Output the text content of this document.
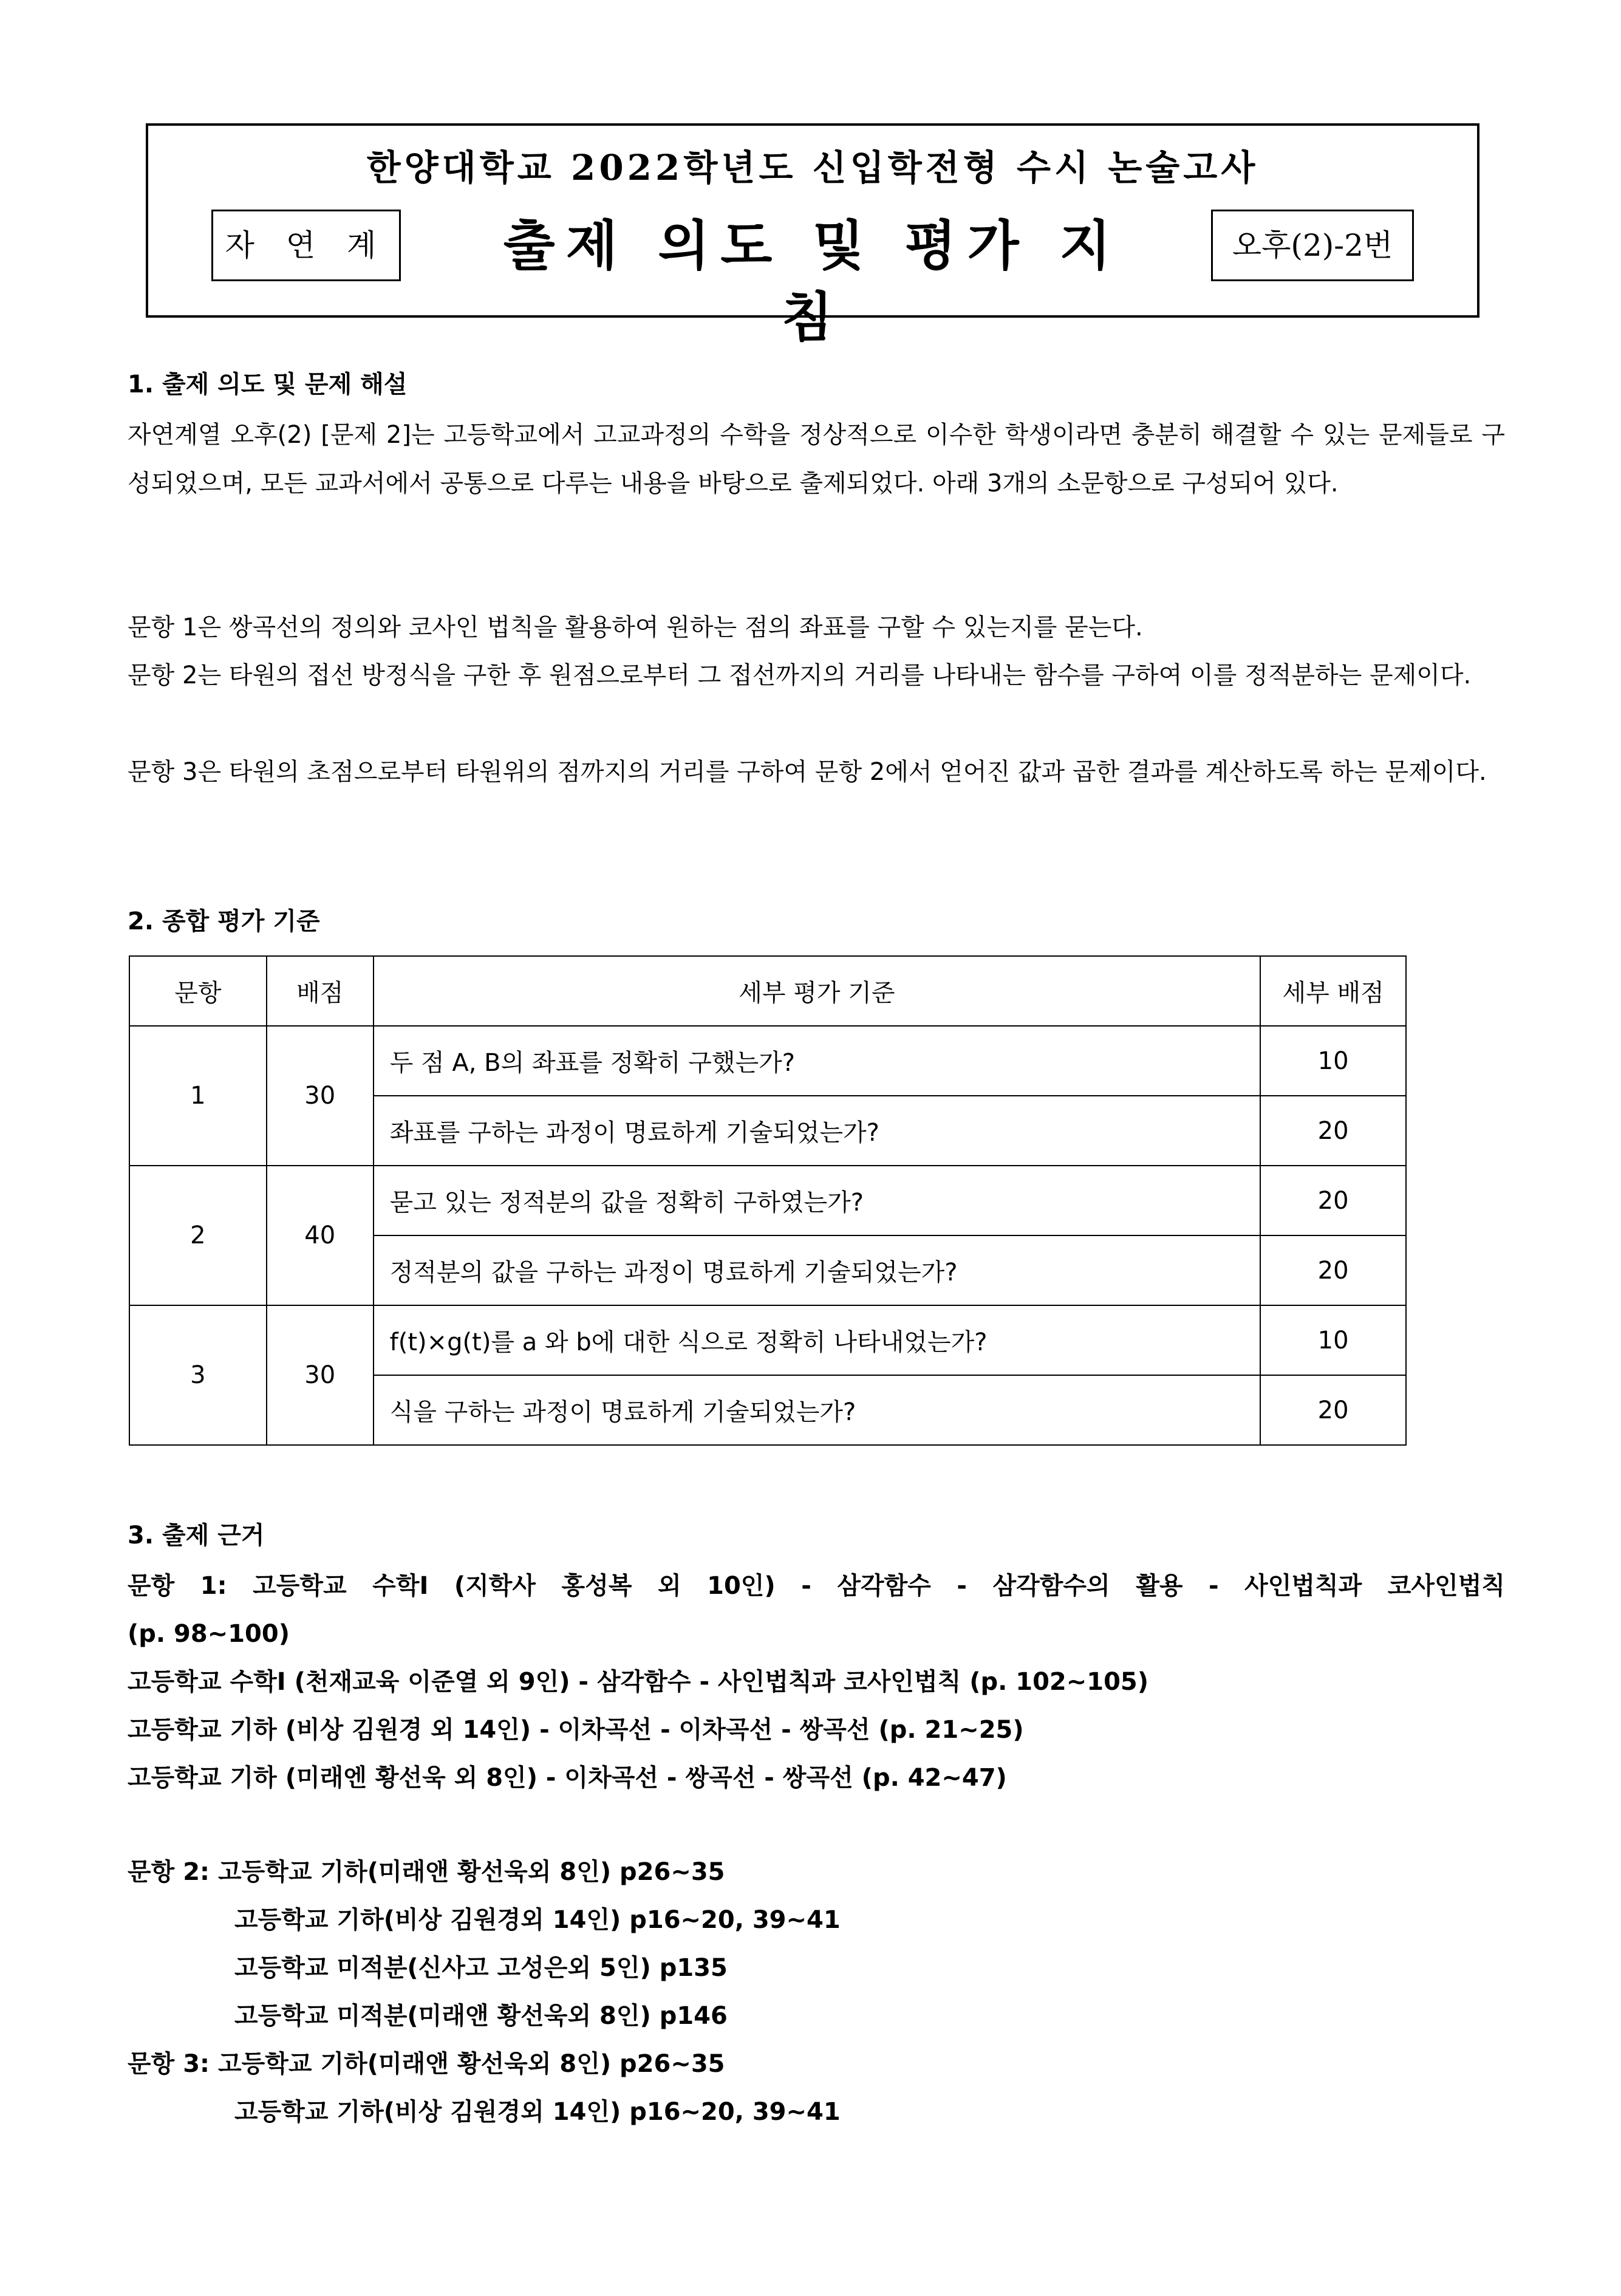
한양대학교 2022학년도 신입학전형 수시 논술고사
자 연 계 출제 의도 및 평가 지침
오후(2)-2번
1. 출제 의도 및 문제 해설

자연계열 오후(2) [문제 2]는 고등학교에서 고교과정의 수학을 정상적으로 이수한 학생이라면 충분히 해결할 수 있는 문제들로 구성되었으며, 모든 교과서에서 공통으로 다루는 내용을 바탕으로 출제되었다. 아래 3개의 소문항으로 구성되어 있다.

문항 1은 쌍곡선의 정의와 코사인 법칙을 활용하여 원하는 점의 좌표를 구할 수 있는지를 묻는다.

문항 2는 타원의 접선 방정식을 구한 후 원점으로부터 그 접선까지의 거리를 나타내는 함수를 구하여 이를 정적분하는 문제이다.

문항 3은 타원의 초점으로부터 타원위의 점까지의 거리를 구하여 문항 2에서 얻어진 값과 곱한 결과를 계산하도록 하는 문제이다.

2. 종합 평가 기준
문항	배점	세부 평가 기준	세부 배점
1	30	두 점 A, B의 좌표를 정확히 구했는가?	10
		좌표를 구하는 과정이 명료하게 기술되었는가?	20
2	40	묻고 있는 정적분의 값을 정확히 구하였는가?	20
		정적분의 값을 구하는 과정이 명료하게 기술되었는가?	20
3	30	f(t)×g(t)를 a 와 b에 대한 식으로 정확히 나타내었는가?	10
		식을 구하는 과정이 명료하게 기술되었는가?	20
3. 출제 근거
문항 1: 고등학교 수학I (지학사 홍성복 외 10인) - 삼각함수 - 삼각함수의 활용 - 사인법칙과 코사인법칙
(p. 98~100)
고등학교 수학I (천재교육 이준열 외 9인) - 삼각함수 - 사인법칙과 코사인법칙 (p. 102~105)
고등학교 기하 (비상 김원경 외 14인) - 이차곡선 - 이차곡선 - 쌍곡선 (p. 21~25)
고등학교 기하 (미래엔 황선욱 외 8인) - 이차곡선 - 쌍곡선 - 쌍곡선 (p. 42~47)
문항 2: 고등학교 기하(미래앤 황선욱외 8인) p26~35
고등학교 기하(비상 김원경외 14인) p16~20, 39~41
고등학교 미적분(신사고 고성은외 5인) p135
고등학교 미적분(미래앤 황선욱외 8인) p146
문항 3: 고등학교 기하(미래앤 황선욱외 8인) p26~35
고등학교 기하(비상 김원경외 14인) p16~20, 39~41
